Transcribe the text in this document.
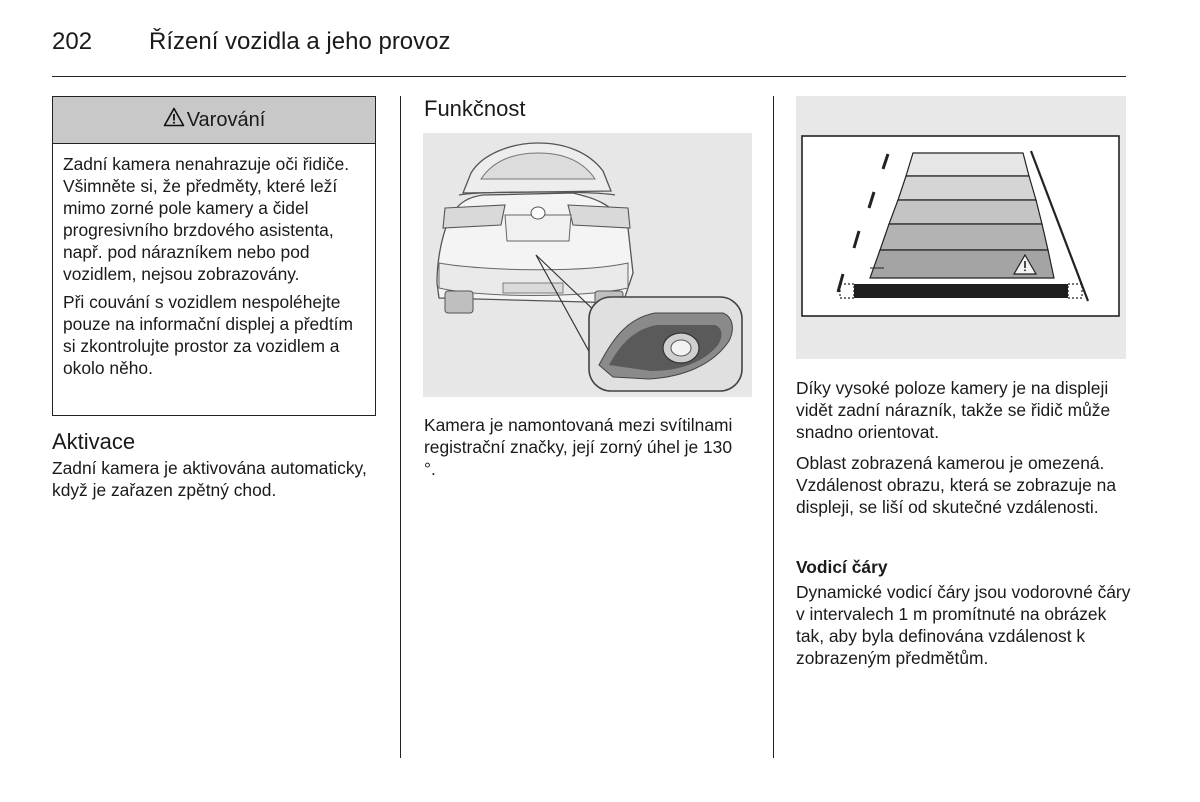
202 Řízení vozidla a jeho provoz
Varování

Zadní kamera nenahrazuje oči řidiče. Všimněte si, že předměty, které leží mimo zorné pole kamery a čidel progresivního brzdového asistenta, např. pod nárazníkem nebo pod vozidlem, nejsou zobrazovány.

Při couvání s vozidlem nespoléhejte pouze na informační displej a předtím si zkontrolujte prostor za vozidlem a okolo něho.

Aktivace
Zadní kamera je aktivována automaticky, když je zařazen zpětný chod.
Funkčnost
Kamera je namontovaná mezi svítilnami registrační značky, její zorný úhel je 130 °.
Díky vysoké poloze kamery je na displeji vidět zadní nárazník, takže se řidič může snadno orientovat.
Oblast zobrazená kamerou je omezená. Vzdálenost obrazu, která se zobrazuje na displeji, se liší od skutečné vzdálenosti.
Vodicí čáry
Dynamické vodicí čáry jsou vodorovné čáry v intervalech 1 m promítnuté na obrázek tak, aby byla definována vzdálenost k zobrazeným předmětům.
